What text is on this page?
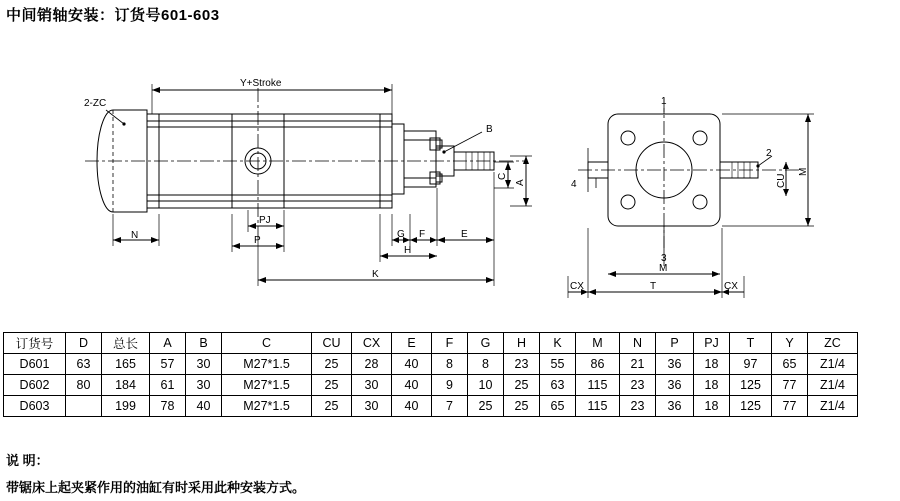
中间销轴安装：订货号601-603
2-ZC
Y+Stroke
B
C
A
N
PJ
P
G F	E
H
K
1
4
3
2
CU
M
M
T
CX	CX
订货号	D	总长	A	B	C	CU	CX	E	F	G	H	K	M	N	P	PJ	T	Y	ZC
D601	63	165	57	30	M27*1.5	25	28	40	8	8	23	55	86	21	36	18	97	65	Z1/4
D602	80	184	61	30	M27*1.5	25	30	40	9	10	25	63	115	23	36	18	125	77	Z1/4
D603		199	78	40	M27*1.5	25	30	40	7	25	25	65	115	23	36	18	125	77	Z1/4
说 明：
带锯床上起夹紧作用的油缸有时采用此种安装方式。
